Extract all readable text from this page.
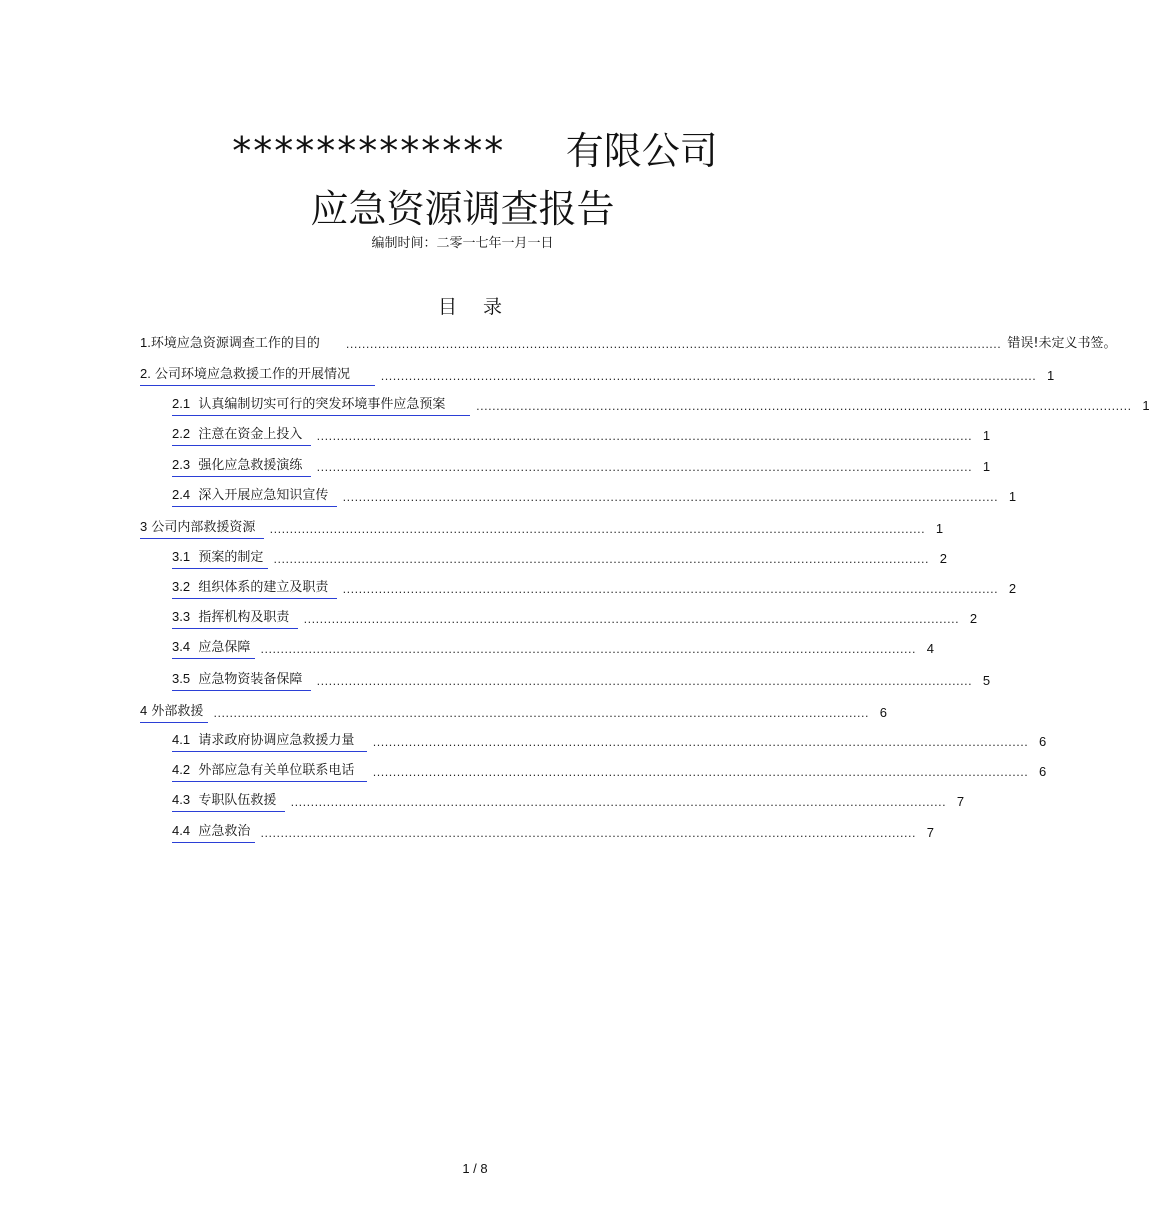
************* 有限公司
应急资源调查报告
编制时间：二零一七年一月一日
目 录
1.环境应急资源调查工作的目的 .................................................................................................................................................................... 错误!未定义书签。
2. 公司环境应急救援工作的开展情况	.................................................................................................................................................................... 1
2.1 认真编制切实可行的突发环境事件应急预案	.................................................................................................................................................................... 1
2.2 注意在资金上投入	.................................................................................................................................................................... 1
2.3 强化应急救援演练	.................................................................................................................................................................... 1
2.4 深入开展应急知识宣传	.................................................................................................................................................................... 1
3 公司内部救援资源	.................................................................................................................................................................... 1
3.1 预案的制定 .................................................................................................................................................................... 2
3.2 组织体系的建立及职责	.................................................................................................................................................................... 2
3.3 指挥机构及职责	.................................................................................................................................................................... 2
3.4 应急保障 .................................................................................................................................................................... 4
3.5 应急物资装备保障	.................................................................................................................................................................... 5
4 外部救援 .................................................................................................................................................................... 6
4.1 请求政府协调应急救援力量	.................................................................................................................................................................... 6
4.2 外部应急有关单位联系电话	.................................................................................................................................................................... 6
4.3 专职队伍救援	.................................................................................................................................................................... 7
4.4 应急救治 .................................................................................................................................................................... 7
1 / 8
